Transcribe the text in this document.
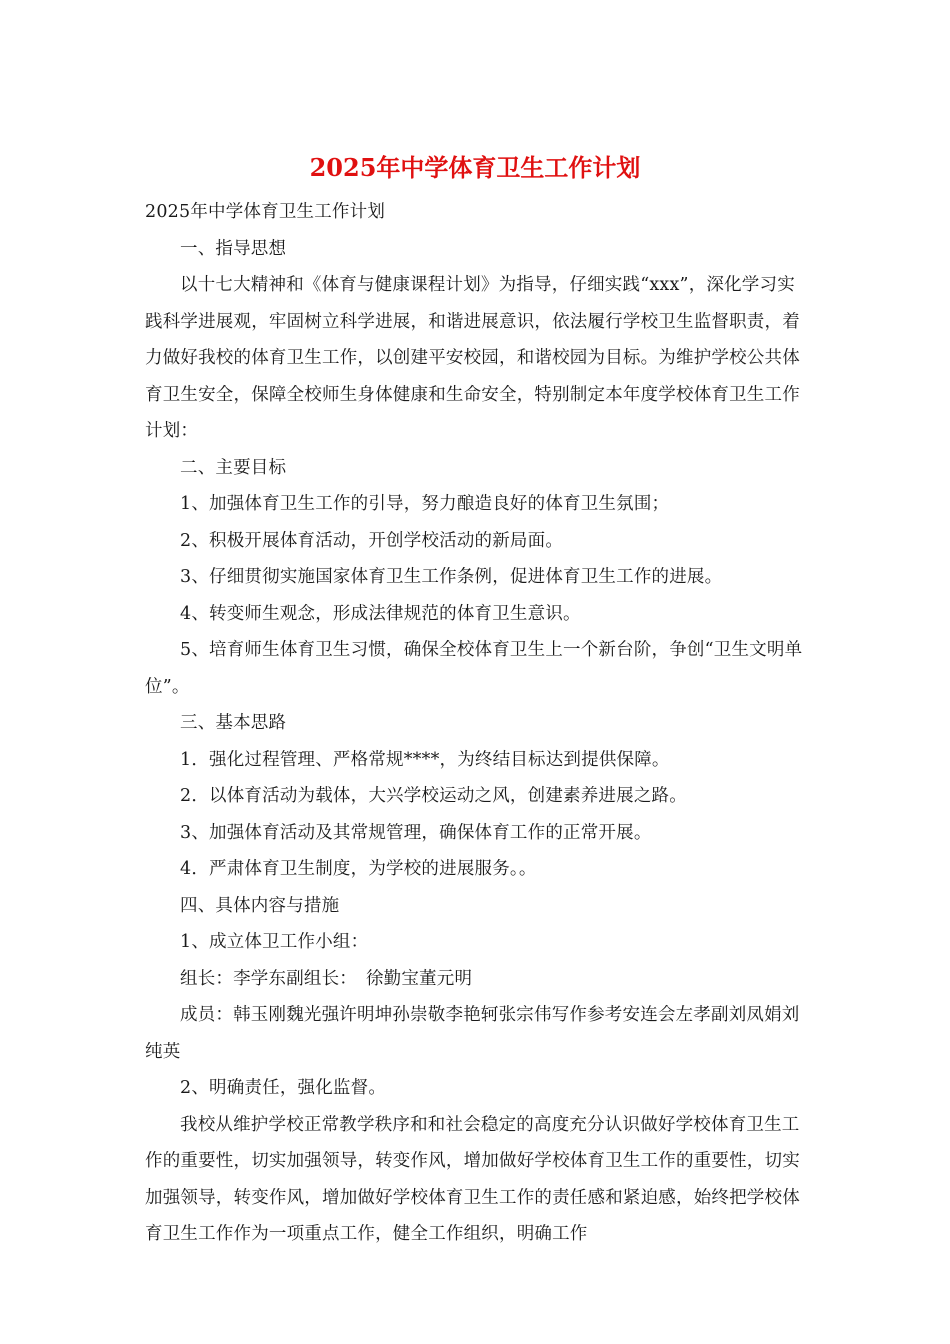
2025年中学体育卫生工作计划

2025年中学体育卫生工作计划

一、指导思想

以十七大精神和《体育与健康课程计划》为指导，仔细实践“xxx”，深化学习实践科学进展观，牢固树立科学进展，和谐进展意识，依法履行学校卫生监督职责，着力做好我校的体育卫生工作，以创建平安校园，和谐校园为目标。为维护学校公共体育卫生安全，保障全校师生身体健康和生命安全，特别制定本年度学校体育卫生工作计划：

二、主要目标

1、加强体育卫生工作的引导，努力酿造良好的体育卫生氛围；

2、积极开展体育活动，开创学校活动的新局面。

3、仔细贯彻实施国家体育卫生工作条例，促进体育卫生工作的进展。

4、转变师生观念，形成法律规范的体育卫生意识。

5、培育师生体育卫生习惯，确保全校体育卫生上一个新台阶，争创“卫生文明单位”。

三、基本思路

1．强化过程管理、严格常规****，为终结目标达到提供保障。

2．以体育活动为载体，大兴学校运动之风，创建素养进展之路。

3、加强体育活动及其常规管理，确保体育工作的正常开展。

4．严肃体育卫生制度，为学校的进展服务。。

四、具体内容与措施

1、成立体卫工作小组：

组长：李学东副组长：　徐勤宝董元明

成员：韩玉刚魏光强许明坤孙崇敬李艳轲张宗伟写作参考安连会左孝副刘凤娟刘纯英

2、明确责任，强化监督。

我校从维护学校正常教学秩序和和社会稳定的高度充分认识做好学校体育卫生工作的重要性，切实加强领导，转变作风，增加做好学校体育卫生工作的重要性，切实加强领导，转变作风，增加做好学校体育卫生工作的责任感和紧迫感，始终把学校体育卫生工作作为一项重点工作，健全工作组织，明确工作
